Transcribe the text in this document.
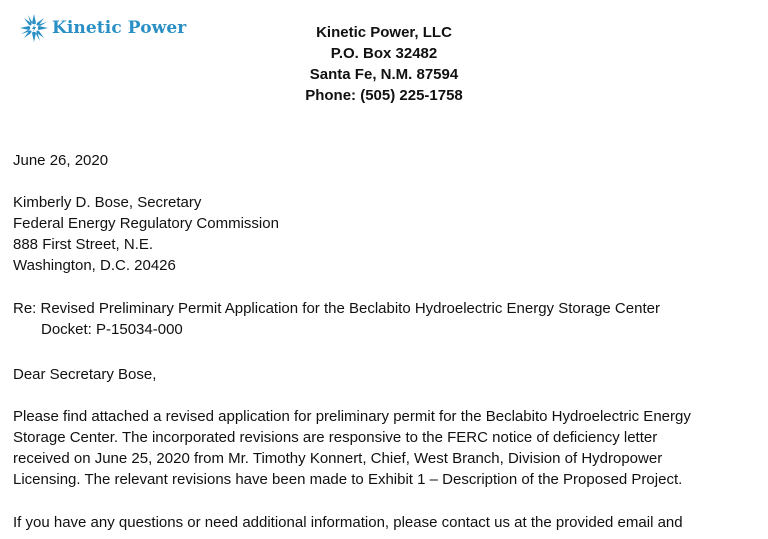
Kinetic Power	Kinetic Power, LLC
P.O. Box 32482
Santa Fe, N.M. 87594
Phone: (505) 225-1758
June 26, 2020
Kimberly D. Bose, Secretary
Federal Energy Regulatory Commission
888 First Street, N.E.
Washington, D.C. 20426
Re: Revised Preliminary Permit Application for the Beclabito Hydroelectric Energy Storage Center
Docket: P-15034-000
Dear Secretary Bose,
Please find attached a revised application for preliminary permit for the Beclabito Hydroelectric Energy
Storage Center. The incorporated revisions are responsive to the FERC notice of deficiency letter
received on June 25, 2020 from Mr. Timothy Konnert, Chief, West Branch, Division of Hydropower
Licensing. The relevant revisions have been made to Exhibit 1 – Description of the Proposed Project.
If you have any questions or need additional information, please contact us at the provided email and
